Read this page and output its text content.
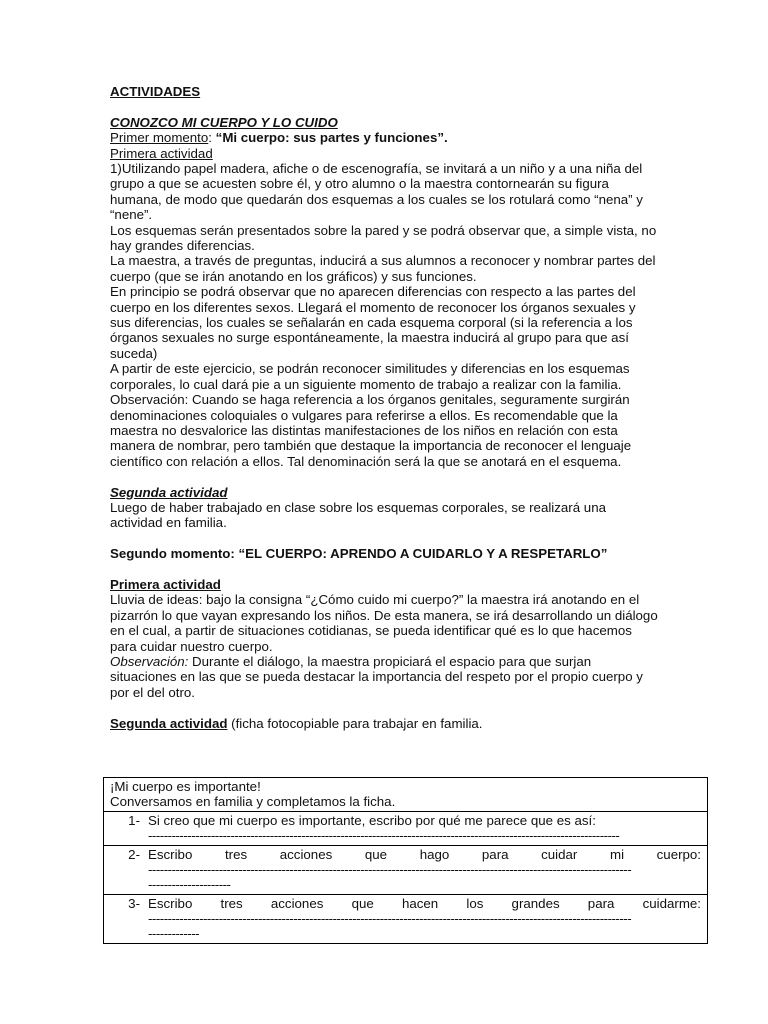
ACTIVIDADES

CONOZCO MI CUERPO Y LO CUIDO

Primer momento: “Mi cuerpo: sus partes y funciones”.

Primera actividad

1)Utilizando papel madera, afiche o de escenografía, se invitará a un niño y a una niña del grupo a que se acuesten sobre él, y otro alumno o la maestra contornearán su figura humana, de modo que quedarán dos esquemas a los cuales se los rotulará como “nena” y “nene”.

Los esquemas serán presentados sobre la pared y se podrá observar que, a simple vista, no hay grandes diferencias.

La maestra, a través de preguntas, inducirá a sus alumnos a reconocer y nombrar partes del cuerpo (que se irán anotando en los gráficos) y sus funciones.

En principio se podrá observar que no aparecen diferencias con respecto a las partes del cuerpo en los diferentes sexos. Llegará el momento de reconocer los órganos sexuales y sus diferencias, los cuales se señalarán en cada esquema corporal (si la referencia a los órganos sexuales no surge espontáneamente, la maestra inducirá al grupo para que así suceda)

A partir de este ejercicio, se podrán reconocer similitudes y diferencias en los esquemas corporales, lo cual dará pie a un siguiente momento de trabajo a realizar con la familia.

Observación: Cuando se haga referencia a los órganos genitales, seguramente surgirán denominaciones coloquiales o vulgares para referirse a ellos. Es recomendable que la maestra no desvalorice las distintas manifestaciones de los niños en relación con esta manera de nombrar, pero también que destaque la importancia de reconocer el lenguaje científico con relación a ellos. Tal denominación será la que se anotará en el esquema.

Segunda actividad

Luego de haber trabajado en clase sobre los esquemas corporales, se realizará una actividad en familia.

Segundo momento: “EL CUERPO: APRENDO A CUIDARLO Y A RESPETARLO”

Primera actividad

Lluvia de ideas: bajo la consigna “¿Cómo cuido mi cuerpo?” la maestra irá anotando en el pizarrón lo que vayan expresando los niños. De esta manera, se irá desarrollando un diálogo en el cual, a partir de situaciones cotidianas, se pueda identificar qué es lo que hacemos para cuidar nuestro cuerpo.

Observación: Durante el diálogo, la maestra propiciará el espacio para que surjan situaciones en las que se pueda destacar la importancia del respeto por el propio cuerpo y por el del otro.

Segunda actividad (ficha fotocopiable para trabajar en familia.

¡Mi cuerpo es importante!
Conversamos en familia y completamos la ficha.

1- Si creo que mi cuerpo es importante, escribo por qué me parece que es así:
------------------------------------------------------------------------------------------------------------------------

2- Escribo tres acciones que hago para cuidar mi cuerpo:
---------------------------------------------------------------------------------------------------------------------------
---------------------

3- Escribo tres acciones que hacen los grandes para cuidarme:
---------------------------------------------------------------------------------------------------------------------------
-------------
